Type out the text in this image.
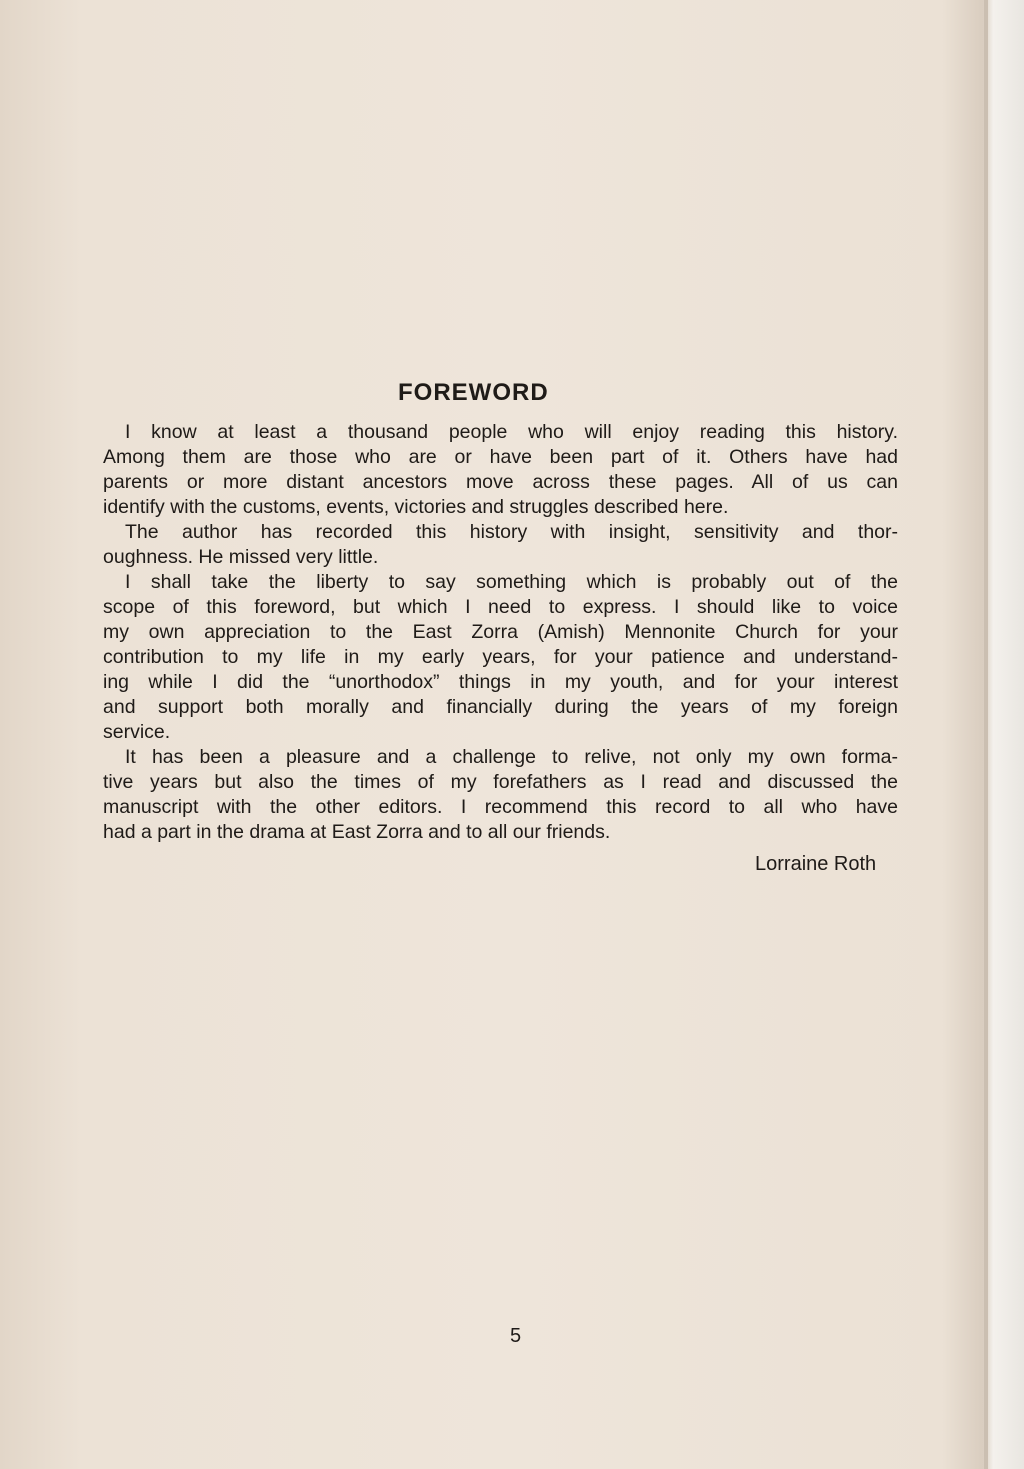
FOREWORD
I know at least a thousand people who will enjoy reading this history.
Among them are those who are or have been part of it. Others have had
parents or more distant ancestors move across these pages. All of us can
identify with the customs, events, victories and struggles described here.
The author has recorded this history with insight, sensitivity and thor-
oughness. He missed very little.
I shall take the liberty to say something which is probably out of the
scope of this foreword, but which I need to express. I should like to voice
my own appreciation to the East Zorra (Amish) Mennonite Church for your
contribution to my life in my early years, for your patience and understand-
ing while I did the “unorthodox” things in my youth, and for your interest
and support both morally and financially during the years of my foreign
service.
It has been a pleasure and a challenge to relive, not only my own forma-
tive years but also the times of my forefathers as I read and discussed the
manuscript with the other editors. I recommend this record to all who have
had a part in the drama at East Zorra and to all our friends.
Lorraine Roth
5
